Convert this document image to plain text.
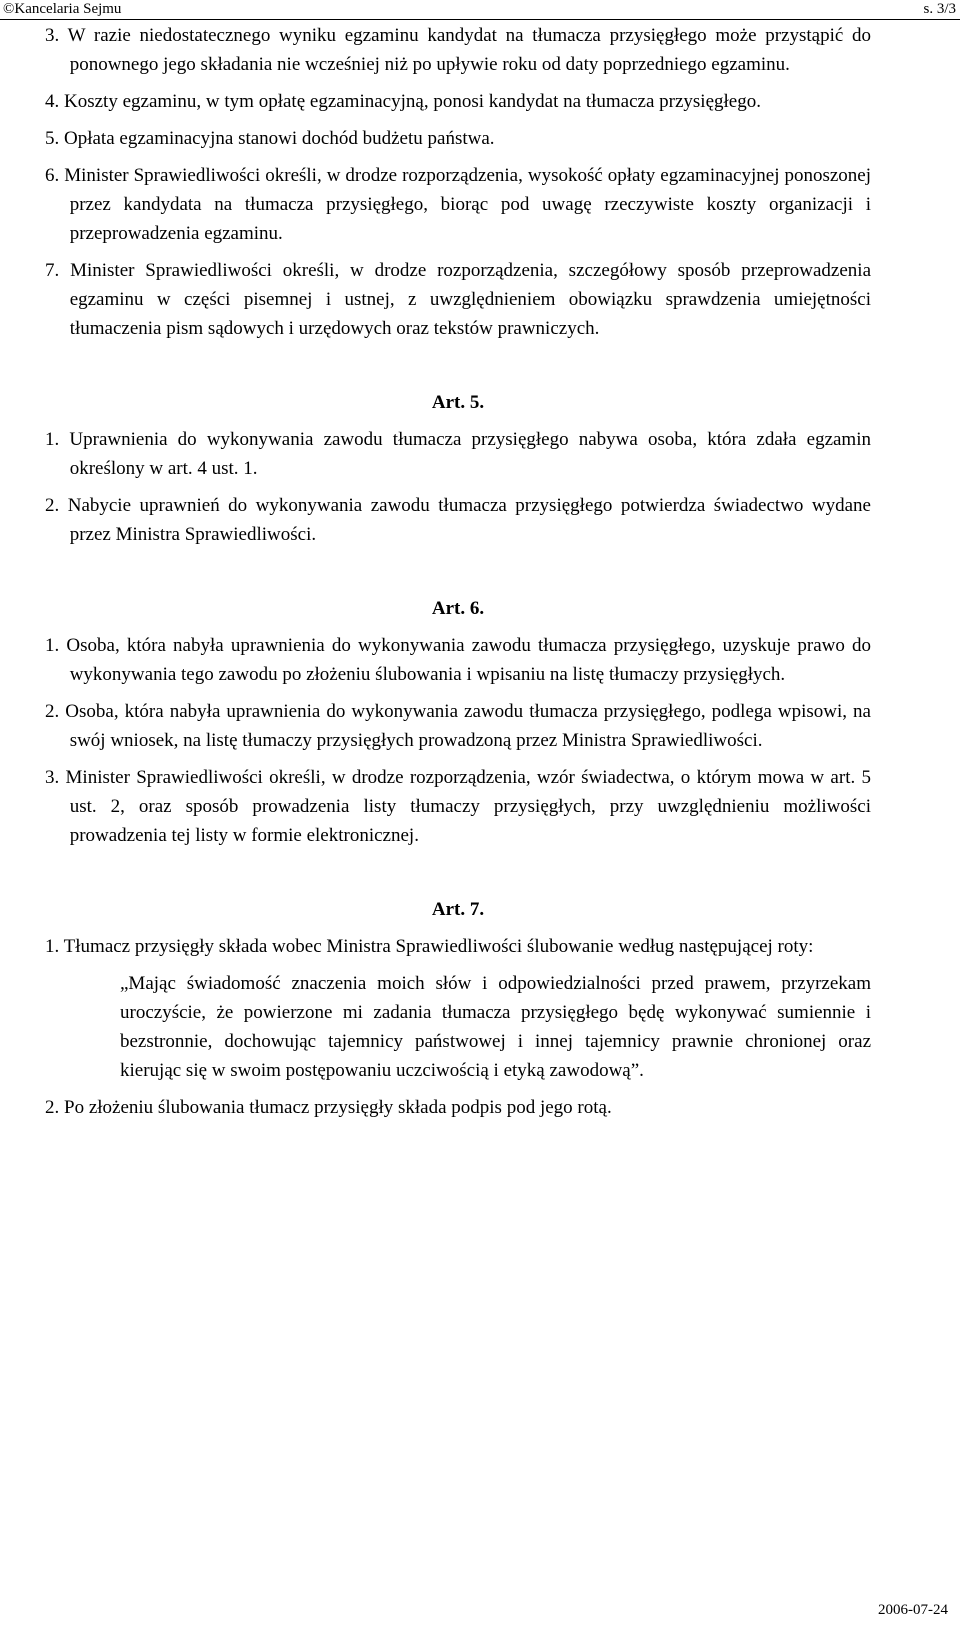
©Kancelaria Sejmu	s. 3/3

3. W razie niedostatecznego wyniku egzaminu kandydat na tłumacza przysięgłego może przystąpić do ponownego jego składania nie wcześniej niż po upływie roku od daty poprzedniego egzaminu.

4. Koszty egzaminu, w tym opłatę egzaminacyjną, ponosi kandydat na tłumacza przysięgłego.

5. Opłata egzaminacyjna stanowi dochód budżetu państwa.

6. Minister Sprawiedliwości określi, w drodze rozporządzenia, wysokość opłaty egzaminacyjnej ponoszonej przez kandydata na tłumacza przysięgłego, biorąc pod uwagę rzeczywiste koszty organizacji i przeprowadzenia egzaminu.

7. Minister Sprawiedliwości określi, w drodze rozporządzenia, szczegółowy sposób przeprowadzenia egzaminu w części pisemnej i ustnej, z uwzględnieniem obowiązku sprawdzenia umiejętności tłumaczenia pism sądowych i urzędowych oraz tekstów prawniczych.

Art. 5.

1. Uprawnienia do wykonywania zawodu tłumacza przysięgłego nabywa osoba, która zdała egzamin określony w art. 4 ust. 1.

2. Nabycie uprawnień do wykonywania zawodu tłumacza przysięgłego potwierdza świadectwo wydane przez Ministra Sprawiedliwości.

Art. 6.

1. Osoba, która nabyła uprawnienia do wykonywania zawodu tłumacza przysięgłego, uzyskuje prawo do wykonywania tego zawodu po złożeniu ślubowania i wpisaniu na listę tłumaczy przysięgłych.

2. Osoba, która nabyła uprawnienia do wykonywania zawodu tłumacza przysięgłego, podlega wpisowi, na swój wniosek, na listę tłumaczy przysięgłych prowadzoną przez Ministra Sprawiedliwości.

3. Minister Sprawiedliwości określi, w drodze rozporządzenia, wzór świadectwa, o którym mowa w art. 5 ust. 2, oraz sposób prowadzenia listy tłumaczy przysięgłych, przy uwzględnieniu możliwości prowadzenia tej listy w formie elektronicznej.

Art. 7.

1. Tłumacz przysięgły składa wobec Ministra Sprawiedliwości ślubowanie według następującej roty:

„Mając świadomość znaczenia moich słów i odpowiedzialności przed prawem, przyrzekam uroczyście, że powierzone mi zadania tłumacza przysięgłego będę wykonywać sumiennie i bezstronnie, dochowując tajemnicy państwowej i innej tajemnicy prawnie chronionej oraz kierując się w swoim postępowaniu uczciwością i etyką zawodową”.

2. Po złożeniu ślubowania tłumacz przysięgły składa podpis pod jego rotą.

2006-07-24
